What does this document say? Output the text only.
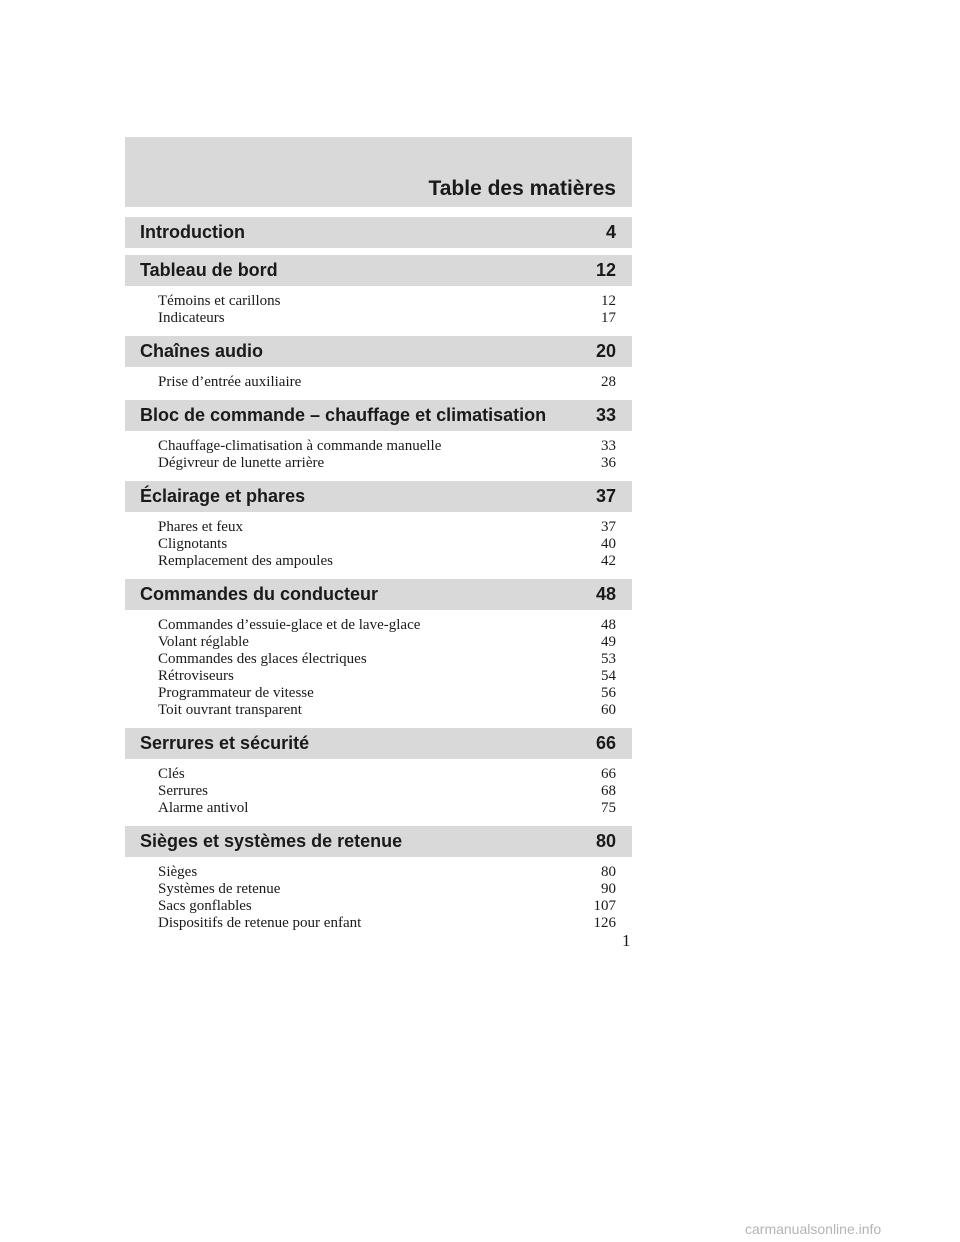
Table des matières
Introduction	4
Tableau de bord	12
Témoins et carillons	12
Indicateurs	17
Chaînes audio	20
Prise d’entrée auxiliaire	28
Bloc de commande – chauffage et climatisation	33
Chauffage-climatisation à commande manuelle	33
Dégivreur de lunette arrière	36
Éclairage et phares	37
Phares et feux	37
Clignotants	40
Remplacement des ampoules	42
Commandes du conducteur	48
Commandes d’essuie-glace et de lave-glace	48
Volant réglable	49
Commandes des glaces électriques	53
Rétroviseurs	54
Programmateur de vitesse	56
Toit ouvrant transparent	60
Serrures et sécurité	66
Clés	66
Serrures	68
Alarme antivol	75
Sièges et systèmes de retenue	80
Sièges	80
Systèmes de retenue	90
Sacs gonflables	107
Dispositifs de retenue pour enfant	126
1
carmanualsonline.info
